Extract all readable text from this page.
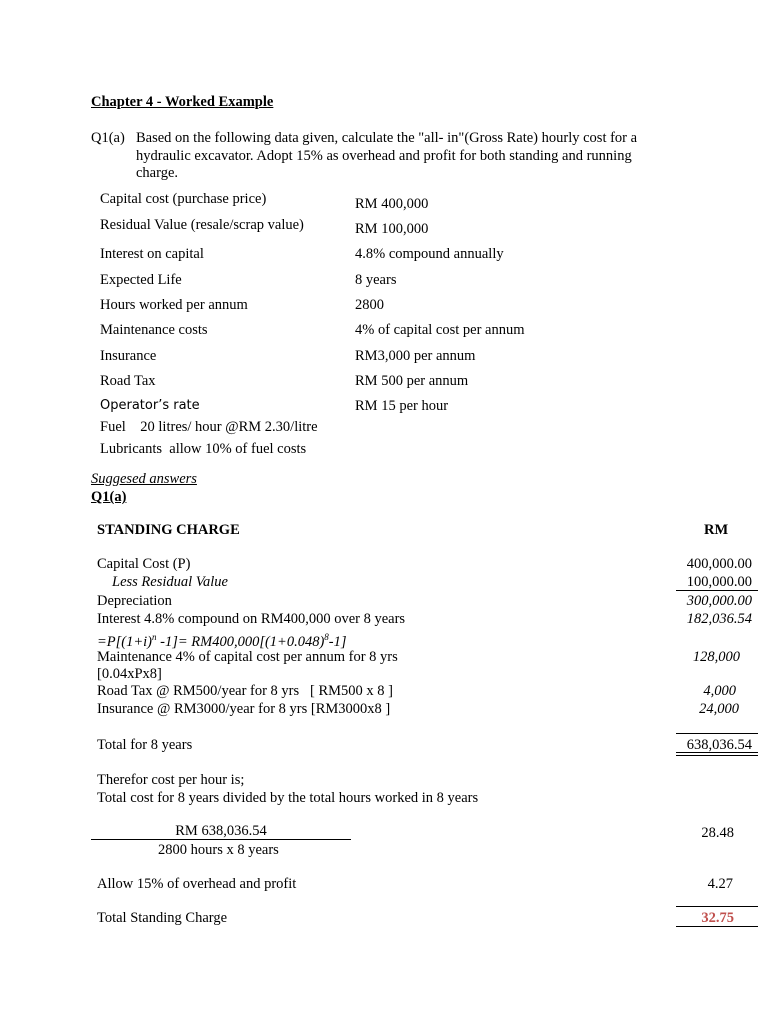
Chapter 4 - Worked Example
Q1(a) Based on the following data given, calculate the "all- in"(Gross Rate) hourly cost for a
hydraulic excavator. Adopt 15% as overhead and profit for both standing and running
charge.
Capital cost (purchase price)	RM 400,000
Residual Value (resale/scrap value)	RM 100,000
Interest on capital	4.8% compound annually
Expected Life	8 years
Hours worked per annum	2800
Maintenance costs	4% of capital cost per annum
Insurance	RM3,000 per annum
Road Tax	RM 500 per annum
Operator’s rate	RM 15 per hour
Fuel    20 litres/ hour @RM 2.30/litre
Lubricants  allow 10% of fuel costs
Suggesed answers
Q1(a)
STANDING CHARGE	RM
Capital Cost (P)	400,000.00
Less Residual Value	100,000.00
Depreciation	300,000.00
Interest 4.8% compound on RM400,000 over 8 years	182,036.54
$=P[(1+i)^n$ $-1]= RM400,000[(1+0.048)^8-1]$
Maintenance 4% of capital cost per annum for 8 yrs	128,000
[0.04xPx8]
Road Tax @ RM500/year for 8 yrs   [ RM500 x 8 ]	4,000
Insurance @ RM3000/year for 8 yrs [RM3000x8 ]	24,000
Total for 8 years	638,036.54
Therefor cost per hour is;
Total cost for 8 years divided by the total hours worked in 8 years
RM 638,036.54
2800 hours x 8 years
28.48
Allow 15% of overhead and profit	4.27
Total Standing Charge	32.75
